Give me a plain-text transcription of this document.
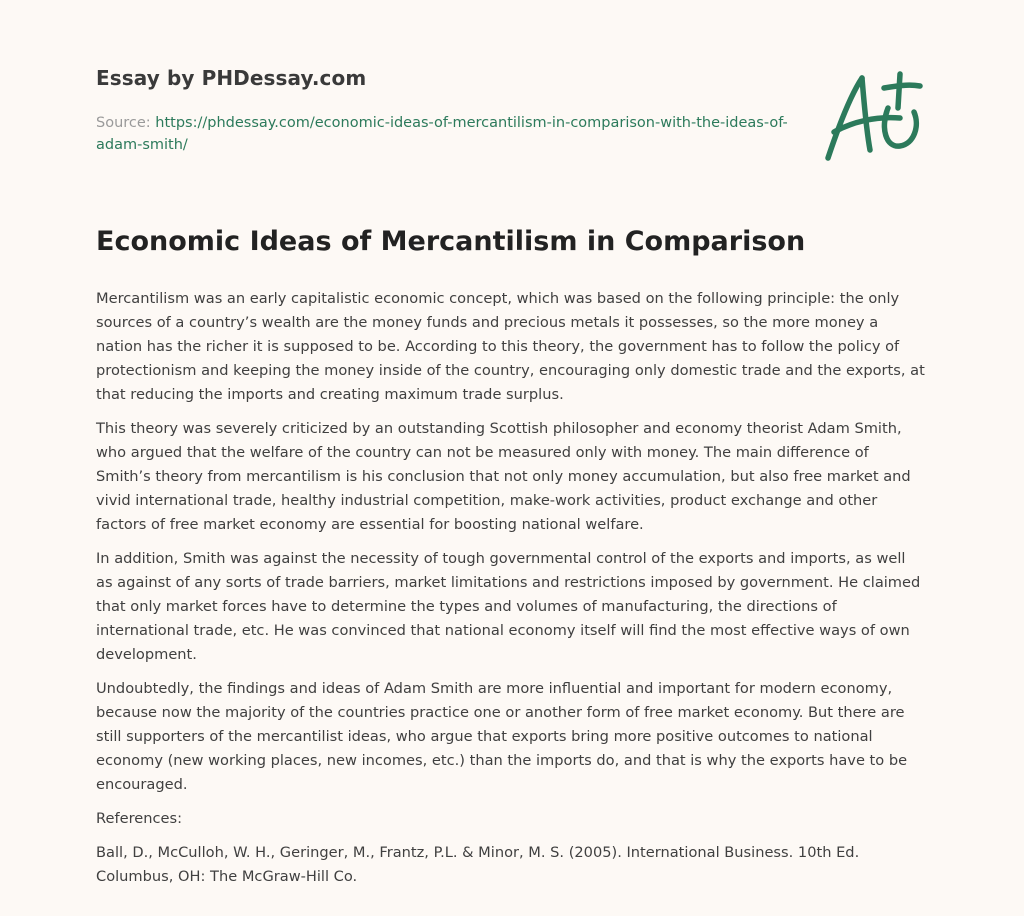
Essay by PHDessay.com
Source: https://phdessay.com/economic-ideas-of-mercantilism-in-comparison-with-the-ideas-of-adam-smith/
Economic Ideas of Mercantilism in Comparison

Mercantilism was an early capitalistic economic concept, which was based on the following principle: the only sources of a country’s wealth are the money funds and precious metals it possesses, so the more money a nation has the richer it is supposed to be. According to this theory, the government has to follow the policy of protectionism and keeping the money inside of the country, encouraging only domestic trade and the exports, at that reducing the imports and creating maximum trade surplus.

This theory was severely criticized by an outstanding Scottish philosopher and economy theorist Adam Smith, who argued that the welfare of the country can not be measured only with money. The main difference of Smith’s theory from mercantilism is his conclusion that not only money accumulation, but also free market and vivid international trade, healthy industrial competition, make-work activities, product exchange and other factors of free market economy are essential for boosting national welfare.

In addition, Smith was against the necessity of tough governmental control of the exports and imports, as well as against of any sorts of trade barriers, market limitations and restrictions imposed by government. He claimed that only market forces have to determine the types and volumes of manufacturing, the directions of international trade, etc. He was convinced that national economy itself will find the most effective ways of own development.

Undoubtedly, the findings and ideas of Adam Smith are more influential and important for modern economy, because now the majority of the countries practice one or another form of free market economy. But there are still supporters of the mercantilist ideas, who argue that exports bring more positive outcomes to national economy (new working places, new incomes, etc.) than the imports do, and that is why the exports have to be encouraged.

References:

Ball, D., McCulloh, W. H., Geringer, M., Frantz, P.L. & Minor, M. S. (2005). International Business. 10th Ed. Columbus, OH: The McGraw-Hill Co.
